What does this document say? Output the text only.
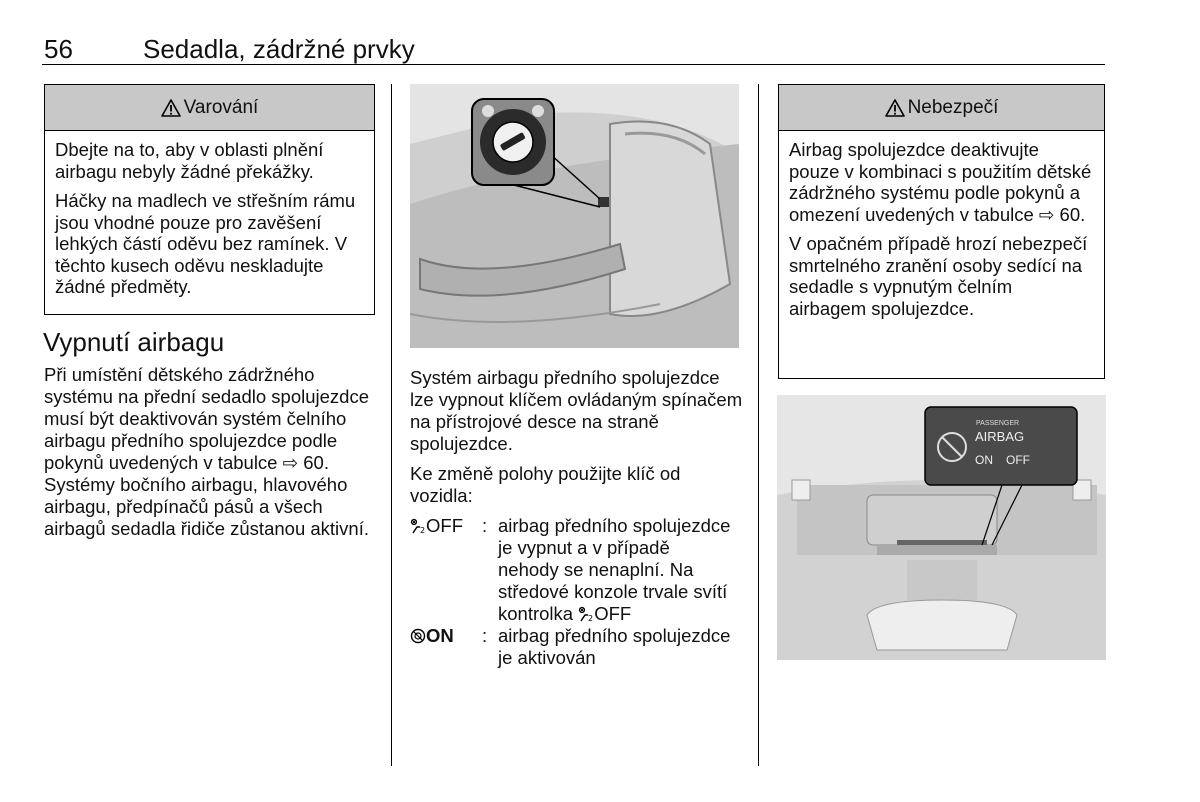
56	Sedadla, zádržné prvky
Varování

Dbejte na to, aby v oblasti plnění airbagu nebyly žádné překážky.

Háčky na madlech ve střešním rámu jsou vhodné pouze pro zavěšení lehkých částí oděvu bez ramínek. V těchto kusech oděvu neskladujte žádné předměty.

Vypnutí airbagu

Při umístění dětského zádržného systému na přední sedadlo spolujezdce musí být deaktivován systém čelního airbagu předního spolujezdce podle pokynů uvedených v tabulce ⇨ 60. Systémy bočního airbagu, hlavového airbagu, předpínačů pásů a všech airbagů sedadla řidiče zůstanou aktivní.

Systém airbagu předního spolujezdce lze vypnout klíčem ovládaným spínačem na přístrojové desce na straně spolujezdce.

Ke změně polohy použijte klíč od vozidla:

2 OFF	: airbag předního spolujezdce je vypnut a v případě nehody se nenaplní. Na středové konzole trvale svítí kontrolka 2 OFF
ON	: airbag předního spolujezdce je aktivován
Nebezpečí

Airbag spolujezdce deaktivujte pouze v kombinaci s použitím dětské zádržného systému podle pokynů a omezení uvedených v tabulce ⇨ 60.

V opačném případě hrozí nebezpečí smrtelného zranění osoby sedící na sedadle s vypnutým čelním airbagem spolujezdce.

PASSENGER
AIRBAG
ON OFF
